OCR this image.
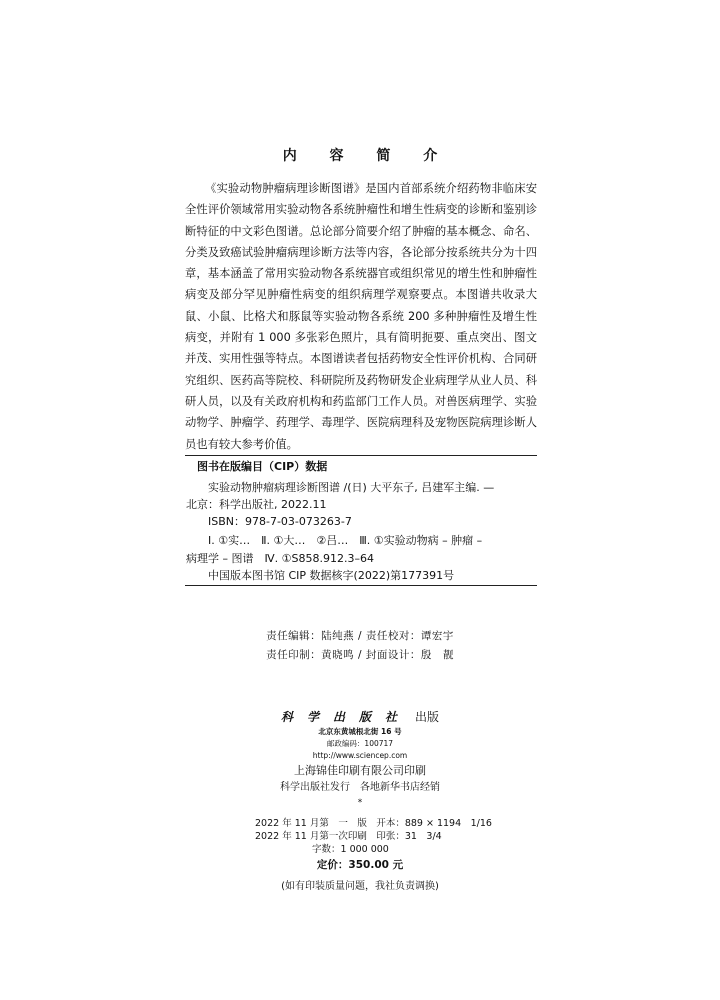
内 容 简 介

《实验动物肿瘤病理诊断图谱》是国内首部系统介绍药物非临床安全性评价领域常用实验动物各系统肿瘤性和增生性病变的诊断和鉴别诊断特征的中文彩色图谱。总论部分简要介绍了肿瘤的基本概念、命名、分类及致癌试验肿瘤病理诊断方法等内容，各论部分按系统共分为十四章，基本涵盖了常用实验动物各系统器官或组织常见的增生性和肿瘤性病变及部分罕见肿瘤性病变的组织病理学观察要点。本图谱共收录大鼠、小鼠、比格犬和豚鼠等实验动物各系统 200 多种肿瘤性及增生性病变，并附有 1 000 多张彩色照片，具有简明扼要、重点突出、图文并茂、实用性强等特点。本图谱读者包括药物安全性评价机构、合同研究组织、医药高等院校、科研院所及药物研发企业病理学从业人员、科研人员，以及有关政府机构和药监部门工作人员。对兽医病理学、实验动物学、肿瘤学、药理学、毒理学、医院病理科及宠物医院病理诊断人员也有较大参考价值。

图书在版编目（CIP）数据
实验动物肿瘤病理诊断图谱 /(日) 大平东子, 吕建军主编. —
北京：科学出版社, 2022.11
ISBN：978-7-03-073263-7
Ⅰ. ①实…　Ⅱ. ①大…　②吕…　Ⅲ. ①实验动物病 – 肿瘤 –
病理学 – 图谱　Ⅳ. ①S858.912.3–64
中国版本图书馆 CIP 数据核字(2022)第177391号
责任编辑：陆纯燕 / 责任校对：谭宏宇
责任印制：黄晓鸣 / 封面设计：殷　靓
科学出版社 出版
北京东黄城根北街 16 号
邮政编码：100717
http://www.sciencep.com
上海锦佳印刷有限公司印刷
科学出版社发行　各地新华书店经销
*
2022 年 11 月第　一　版　开本：889 × 1194　1/16
2022 年 11 月第一次印刷　印张：31　3/4
字数：1 000 000
定价：350.00 元
(如有印装质量问题，我社负责调换)
